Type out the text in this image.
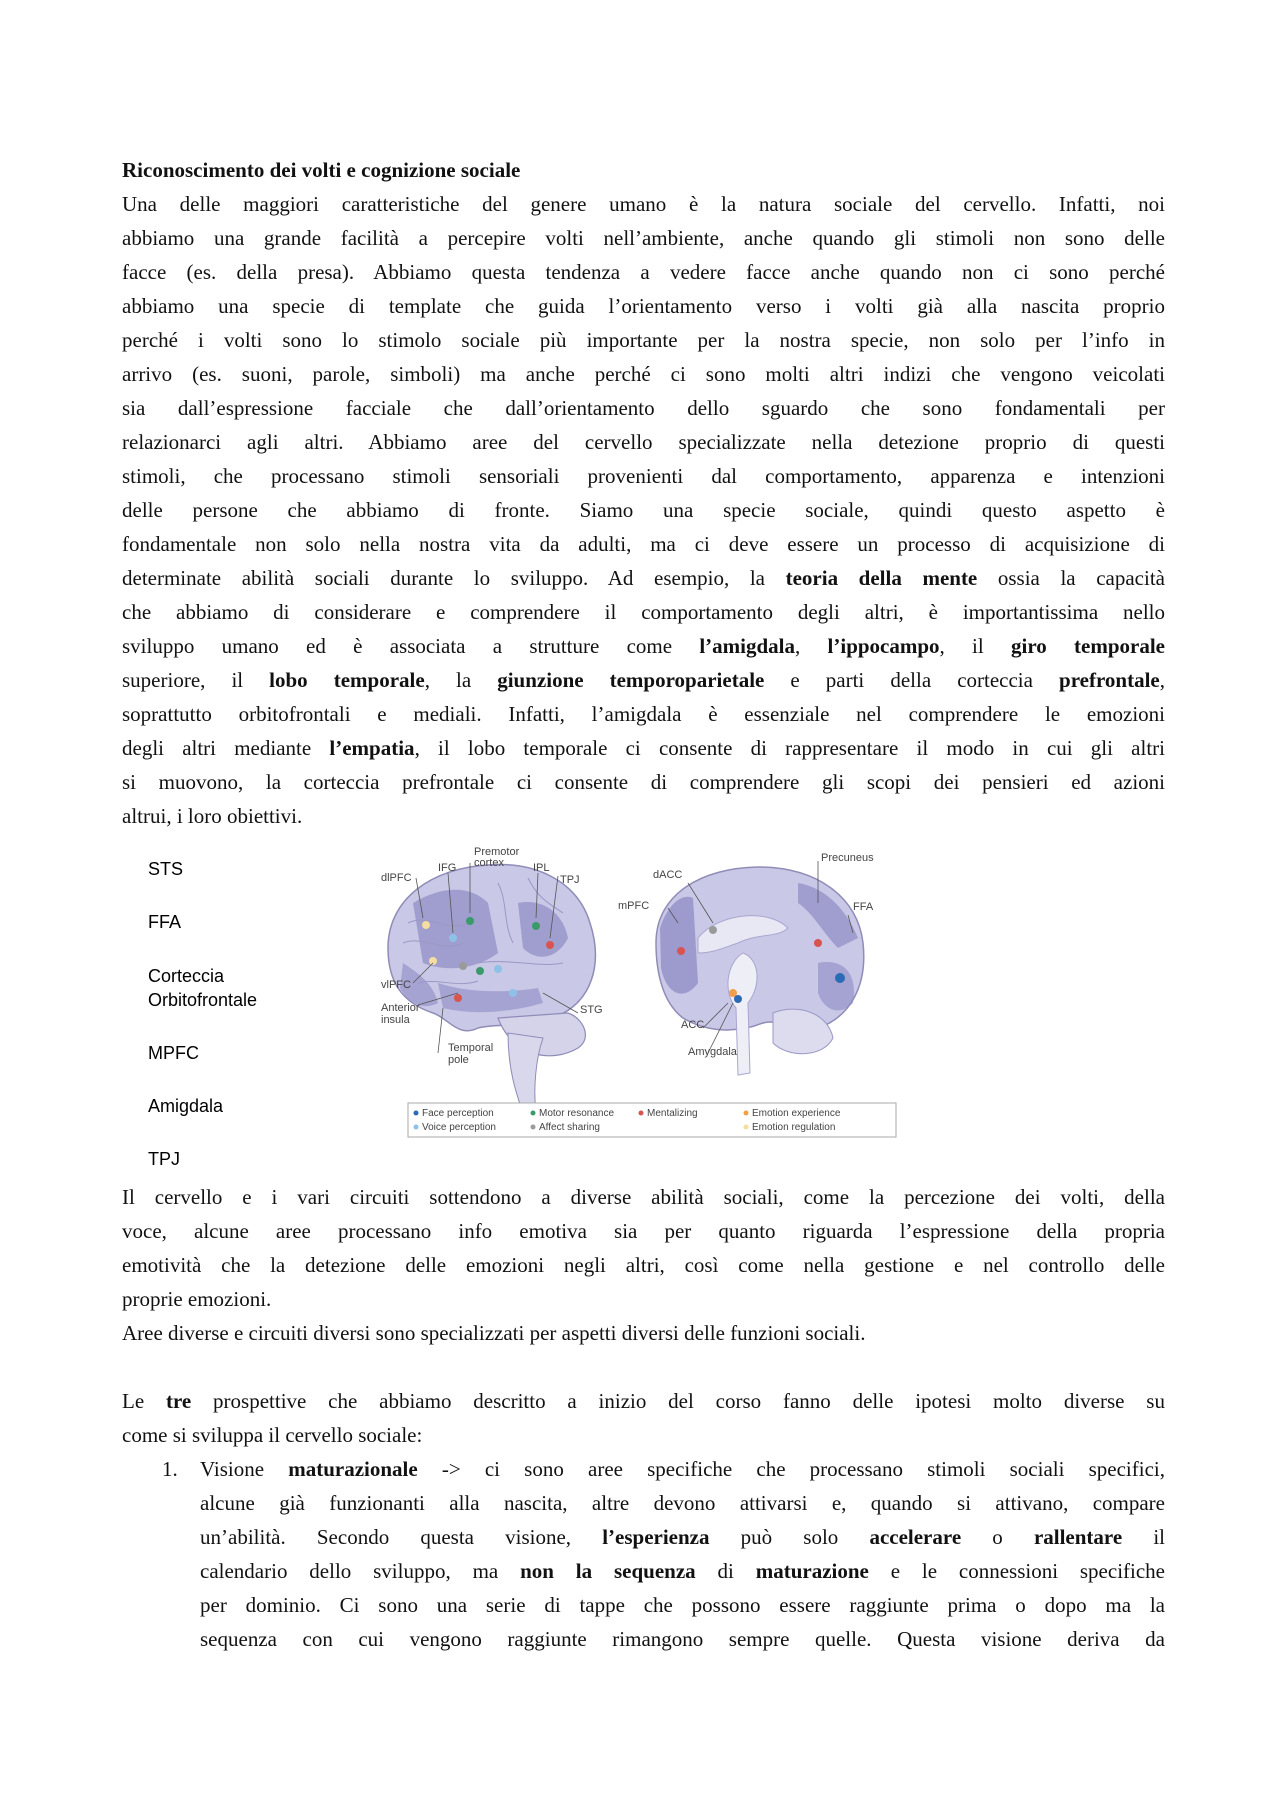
Riconoscimento dei volti e cognizione sociale
Una delle maggiori caratteristiche del genere umano è la natura sociale del cervello. Infatti, noi
abbiamo una grande facilità a percepire volti nell’ambiente, anche quando gli stimoli non sono delle
facce (es. della presa). Abbiamo questa tendenza a vedere facce anche quando non ci sono perché
abbiamo una specie di template che guida l’orientamento verso i volti già alla nascita proprio
perché i volti sono lo stimolo sociale più importante per la nostra specie, non solo per l’info in
arrivo (es. suoni, parole, simboli) ma anche perché ci sono molti altri indizi che vengono veicolati
sia dall’espressione facciale che dall’orientamento dello sguardo che sono fondamentali per
relazionarci agli altri. Abbiamo aree del cervello specializzate nella detezione proprio di questi
stimoli, che processano stimoli sensoriali provenienti dal comportamento, apparenza e intenzioni
delle persone che abbiamo di fronte. Siamo una specie sociale, quindi questo aspetto è
fondamentale non solo nella nostra vita da adulti, ma ci deve essere un processo di acquisizione di
determinate abilità sociali durante lo sviluppo. Ad esempio, la teoria della mente ossia la capacità
che abbiamo di considerare e comprendere il comportamento degli altri, è importantissima nello
sviluppo umano ed è associata a strutture come l’amigdala, l’ippocampo, il giro temporale
superiore, il lobo temporale, la giunzione temporoparietale e parti della corteccia prefrontale,
soprattutto orbitofrontali e mediali. Infatti, l’amigdala è essenziale nel comprendere le emozioni
degli altri mediante l’empatia, il lobo temporale ci consente di rappresentare il modo in cui gli altri
si muovono, la corteccia prefrontale ci consente di comprendere gli scopi dei pensieri ed azioni
altrui, i loro obiettivi.
STS
FFA
Corteccia
Orbitofrontale
MPFC
Amigdala
TPJ
Premotor
cortex
IFG	IPL
dlPFC	TPJ
vlPFC
Anterior
insula
Temporal
pole
STG
Precuneus
dACC
mPFC	FFA
ACC
Amygdala
Face perception
Voice perception
Motor resonance
Affect sharing
Mentalizing	Emotion experience
Emotion regulation
Il cervello e i vari circuiti sottendono a diverse abilità sociali, come la percezione dei volti, della
voce, alcune aree processano info emotiva sia per quanto riguarda l’espressione della propria
emotività che la detezione delle emozioni negli altri, così come nella gestione e nel controllo delle
proprie emozioni.
Aree diverse e circuiti diversi sono specializzati per aspetti diversi delle funzioni sociali.
Le tre prospettive che abbiamo descritto a inizio del corso fanno delle ipotesi molto diverse su
come si sviluppa il cervello sociale:
1. Visione maturazionale -> ci sono aree specifiche che processano stimoli sociali specifici,
alcune già funzionanti alla nascita, altre devono attivarsi e, quando si attivano, compare
un’abilità. Secondo questa visione, l’esperienza può solo accelerare o rallentare il
calendario dello sviluppo, ma non la sequenza di maturazione e le connessioni specifiche
per dominio. Ci sono una serie di tappe che possono essere raggiunte prima o dopo ma la
sequenza con cui vengono raggiunte rimangono sempre quelle. Questa visione deriva da
